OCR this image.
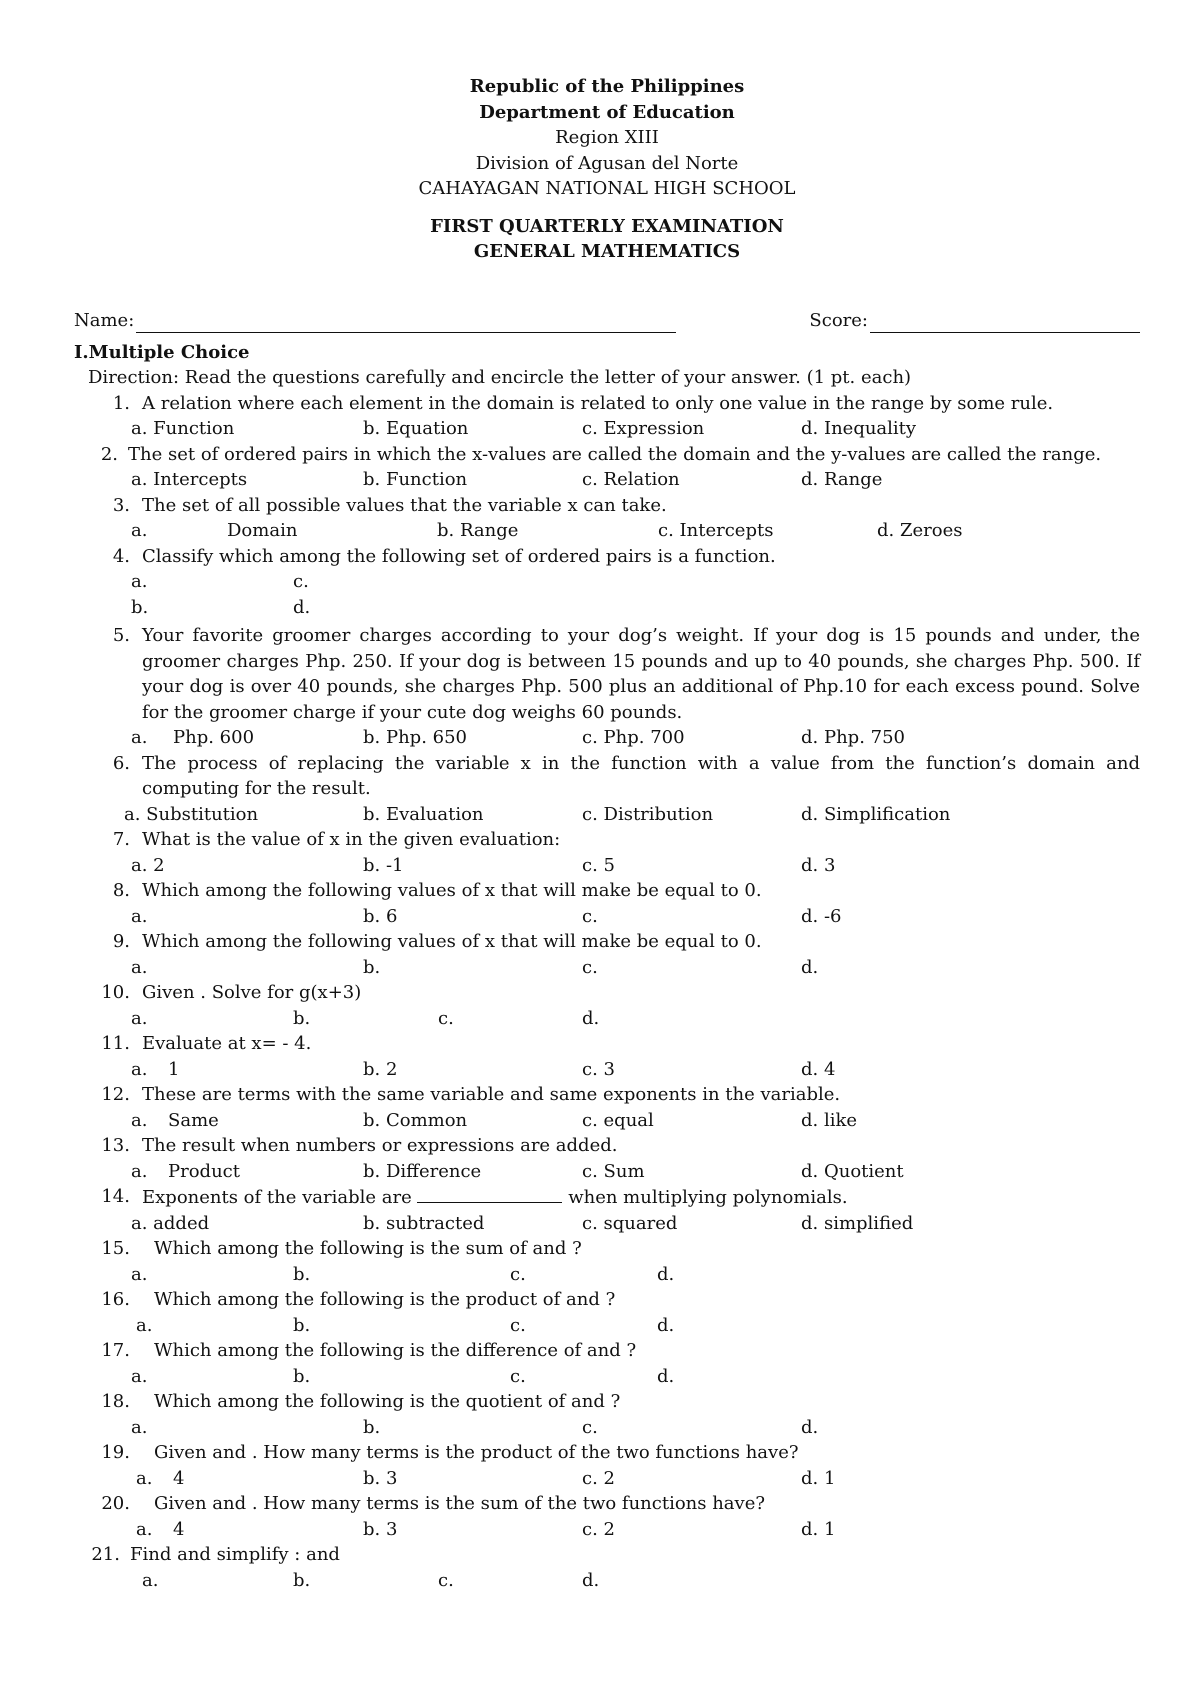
Republic of the Philippines
Department of Education
Region XIII
Division of Agusan del Norte
CAHAYAGAN NATIONAL HIGH SCHOOL
FIRST QUARTERLY EXAMINATION
GENERAL MATHEMATICS
Name:	Score:
I.Multiple Choice
Direction: Read the questions carefully and encircle the letter of your answer. (1 pt. each)
1. A relation where each element in the domain is related to only one value in the range by some rule.
a. Function	b. Equation	c. Expression	d. Inequality
2. The set of ordered pairs in which the x-values are called the domain and the y-values are called the range.
a. Intercepts	b. Function	c. Relation	d. Range
3. The set of all possible values that the variable x can take.
a.	Domain	b. Range	c. Intercepts	d. Zeroes
4. Classify which among the following set of ordered pairs is a function.
a.	c.
b.	d.
5. Your favorite groomer charges according to your dog’s weight. If your dog is 15 pounds and under, the groomer charges Php. 250. If your dog is between 15 pounds and up to 40 pounds, she charges Php. 500. If your dog is over 40 pounds, she charges Php. 500 plus an additional of Php.10 for each excess pound. Solve for the groomer charge if your cute dog weighs 60 pounds.
a. Php. 600	b. Php. 650	c. Php. 700	d. Php. 750
6. The process of replacing the variable x in the function with a value from the function’s domain and computing for the result.
a. Substitution	b. Evaluation	c. Distribution	d. Simplification
7. What is the value of x in the given evaluation:
a. 2	b. -1	c. 5	d. 3
8. Which among the following values of x that will make be equal to 0.
a.	b. 6	c.	d. -6
9. Which among the following values of x that will make be equal to 0.
a.	b.	c.	d.
10. Given . Solve for g(x+3)
a.	b.	c.	d.
11. Evaluate at x= - 4.
a. 1	b. 2	c. 3	d. 4
12. These are terms with the same variable and same exponents in the variable.
a. Same	b. Common	c. equal	d. like
13. The result when numbers or expressions are added.
a. Product	b. Difference	c. Sum	d. Quotient
14. Exponents of the variable are	when multiplying polynomials.
a. added	b. subtracted	c. squared	d. simplified
15.	Which among the following is the sum of and ?
a.	b.	c.	d.
16.	Which among the following is the product of and ?
a.	b.	c.	d.
17.	Which among the following is the difference of and ?
a.	b.	c.	d.
18.	Which among the following is the quotient of and ?
a.	b.	c.	d.
19.	Given and . How many terms is the product of the two functions have?
a. 4	b. 3	c. 2	d. 1
20.	Given and . How many terms is the sum of the two functions have?
a. 4	b. 3	c. 2	d. 1
21. Find and simplify : and
a.	b.	c.	d.
